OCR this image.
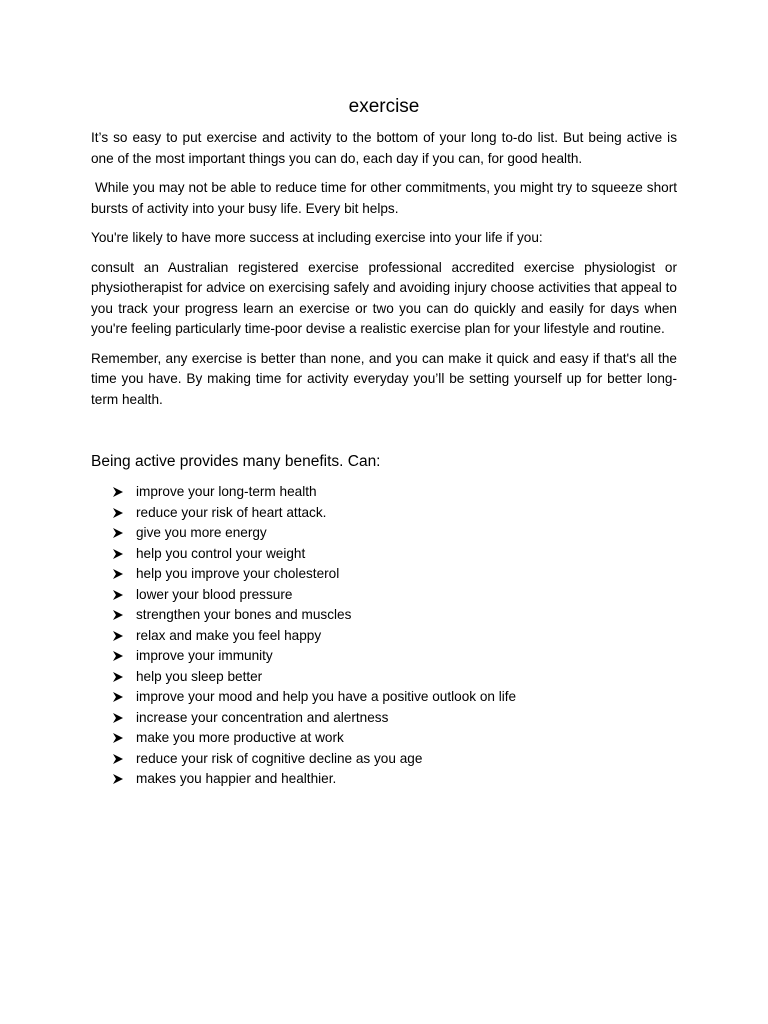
exercise

It’s so easy to put exercise and activity to the bottom of your long to-do list. But being active is one of the most important things you can do, each day if you can, for good health.

While you may not be able to reduce time for other commitments, you might try to squeeze short bursts of activity into your busy life. Every bit helps.

You're likely to have more success at including exercise into your life if you:

consult an Australian registered exercise professional accredited exercise physiologist or physiotherapist for advice on exercising safely and avoiding injury choose activities that appeal to you track your progress learn an exercise or two you can do quickly and easily for days when you're feeling particularly time-poor devise a realistic exercise plan for your lifestyle and routine.

Remember, any exercise is better than none, and you can make it quick and easy if that's all the time you have. By making time for activity everyday you’ll be setting yourself up for better long-term health.

Being active provides many benefits. Can:
improve your long-term health
reduce your risk of heart attack.
give you more energy
help you control your weight
help you improve your cholesterol
lower your blood pressure
strengthen your bones and muscles
relax and make you feel happy
improve your immunity
help you sleep better
improve your mood and help you have a positive outlook on life
increase your concentration and alertness
make you more productive at work
reduce your risk of cognitive decline as you age
makes you happier and healthier.
